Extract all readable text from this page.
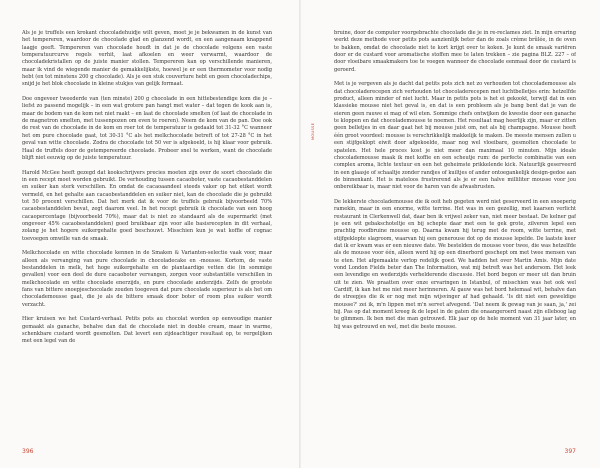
Als je je truffels een krokant chocoladehuidje wilt geven, moet je je bekwamen in de kunst van het tempereren, waardoor de chocolade glad en glanzend wordt, en een aangenaam knappend laagje geeft. Tempereren van chocolade houdt in dat je de chocolade volgens een vaste temperatuurcurve regels verhit, laat afkoelen en weer verwarmt, waardoor de chocoladekristallen op de juiste manier stollen. Tempereren kan op verschillende manieren, maar ik vind de wiegende manier de gemakkelijkste, hoewel je er een thermometer voor nodig hebt (en tot minstens 200 g chocolade). Als je een stuk couverture hebt en geen chocoladechips, snijd je het blok chocolade in kleine stukjes van gelijk formaat.

Doe ongeveer tweederde van (ten minste) 200 g chocolade in een hittebestendige kom die je – liefst zo passend mogelijk – in een wat grotere pan hangt met water – dat tegen de kook aan is, maar de bodem van de kom net niet raakt – en laat de chocolade smelten (of laat de chocolade in de magnetron smelten, met tussenpozen om even te roeren). Neem de kom van de pan. Doe ook de rest van de chocolade in de kom en roer tot de temperatuur is gedaald tot 31-32 °C wanneer het om pure chocolade gaat, tot 30-31 °C als het melkchocolade betreft of tot 27-28 °C in het geval van witte chocolade. Zodra de chocolade tot 50 ver is afgekoeld, is hij klaar voor gebruik. Haal de truffels door de getempereerde chocolade. Probeer snel te werken, want de chocolade blijft niet eeuwig op de juiste temperatuur.

Harold McGee heeft gezegd dat kookschrijvers precies moeten zijn over de soort chocolade die in een recept moet worden gebruikt. De verhouding tussen cacaoboter, vaste cacaobestanddelen en suiker kan sterk verschillen. En omdat de cacaoaandeel steeds vaker op het etiket wordt vermeld, en het gehalte aan cacaobestanddelen en suiker niet, kan de chocolade die je gebruikt tot 50 procent verschillen. Dat het merk dat ik voor de truffels gebruik bijvoorbeeld 70% cacaobestanddelen bevat, zegt daarom veel. In het recept gebruik ik chocolade van een hoog cacaopercentage (bijvoorbeeld 70%), maar dat is niet zo standaard als de supermarkt (met ongeveer 45% cacaobestanddelen) goed bruikbaar zijn voor alle basisrecepten in dit verhaal, zolang je het hogere suikergehalte goed beschouwt. Misschien kun je wat koffie of cognac toevoegen omwille van de smaak.

Melkchocolade en witte chocolade kennen in de Smaken & Varianten-selectie vaak voor, maar alleen als vervanging van pure chocolade in chocoladecake en -mousse. Kortom, de vaste bestanddelen in melk, het hoge suikergehalte en de plantaardige vetten die (in sommige gevallen) voor een deel de dure cacaoboter vervangen, zorgen voor substantiële verschillen in melkchocolade en witte chocolade enerzijds, en pure chocolade anderzijds. Zelfs de grootste fans van bittere snoepjeschocolade zouden toegeven dat pure chocolade superieur is als het om chocolademousse gaat, die je als de bittere smaak door boter of room plus suiker wordt verzacht.

Hier kruisen we het Custard-verhaal. Petits pots au chocolat worden op eenvoudige manier gemaakt als ganache, behalve dan dat de chocolade niet in double cream, maar in warme, schenkbare custard wordt gesmolten. Dat levert een zijdeachtiger resultaat op, te vergelijken met een legel van de

396
MOUSSE

bruine, door de computer voorgebrachte chocolade die je in re-reclames ziet. In mijn ervaring werkt deze methode voor petits pots aanzienlijk beter dan de zoals crème brûlée, in de oven te bakken, omdat de chocolade niet te kort krijgt over te koken. Je kunt de smaak variëren door er de custard voor aromatische stoffen mee te laten trekken – zie pagina BLZ. 227 – of door vloeibare smaakmakers toe te voegen wanneer de chocolade eenmaal door de custard is geroerd.

Met is je vergeven als je dacht dat petits pots zich net zo verhouden tot chocolademousse als dat chocoladerecepen zich verhouden tot chocoladerecepen met luchtbelletjes erin: hetzelfde product, alleen minder of niet lucht. Maar in petits pots is het ei gekookt, terwijl dat in een klassieke mousse niet het geval is, en dat is een probleem als je bang bent dat je van de eieren geen rauwe ei mag of wil eten. Sommige chefs ontwijken de kwestie door een ganache te kloppen en dat chocolademousse te noemen. Het resultaat mag heerlijk zijn, maar er zitten geen belletjes in en daar gaat het bij mousse juist om, net als bij champagne. Mousse heeft één groot voordeel: mousse is verschrikkelijk makkelijk te maken. De meeste mensen zullen u een stijfgeklopt eiwit door afgekoelde, maar nog wel vloeibare, gesmolten chocolade te spatelen. Het hele proces kost je niet meer dan maximaal 10 minuten. Mijn ideale chocolademousse maak ik met koffie en een scheutje rum: de perfecte combinatie van een complex aroma, lichte textuur en een het geheimste prikkelende kick. Natuurlijk geserveerd in een glaasje of schaaltje zonder randjes of kuiltjes of ander ontoegankelijk design-gedoe aan de binnenkant. Het is mateloos frustrerend als je er een halve milliliter mousse voor jou onbereikbaar is, maar niet voor de haren van de afwasbrusten.

De lekkerste chocolademousse die ik ooit heb gegeten werd niet geserveerd in een snoeperig ramekin, maar in een enorme, witte terrine. Het was in een gezellig, met kaarsen verlicht restaurant in Clerkenwell dat, daar ben ik vrijwel zeker van, niet meer bestaat. De kelner gaf je een wit gebakschoteltje en bij schepte daar met een te gek grote, zilveren lepel een prachtig roodbruine mousse op. Daarna kwam hij terug met de room, witte terrine, met stijfgeklopte slagroom, waarvan hij een generouse dot op de mousse lepelde. De laatste keer dat ik er kwam was er een nieuwe date. We bestelden de mousse voor twee, die was hetzelfde als de mousse voor één, alleen werd hij op een dinerbord geschept om met twee mensen van te eten. Het afgemaakte verlop redelijk goed. We hadden het over Martin Amis. Mijn date vond London Fields beter dan The Information, wat mij betreft was het andersom. Het leek een levendige en wederzijds verhelderende discussie. Het bord begon er meer uit dan bruin uit te zien. We praatten over onze ervaringen in Istanbul, of misschien was het ook wel Cardiff, ik kan het me niet meer herinneren. Al gauw was het bord helemaal wit, behalve dan de streepjes die ik er nog met mijn wijsvinger af had gehaald. 'Is dit niet een geweldige mousse?' zei ik, m'n lippen met m'n servet afvegend. 'Dat neem ik gewag van je saan, ja,' zei hij. Pas op dat moment kreeg ik de lepel in de gaten die onaangeroerd naast zijn elleboog lag te glimmen. Ik ben met die man getrouwd. Elk jaar op de hele moment van 31 jaar later, en hij was getrouwd en wel, met die beste mousse.

397
